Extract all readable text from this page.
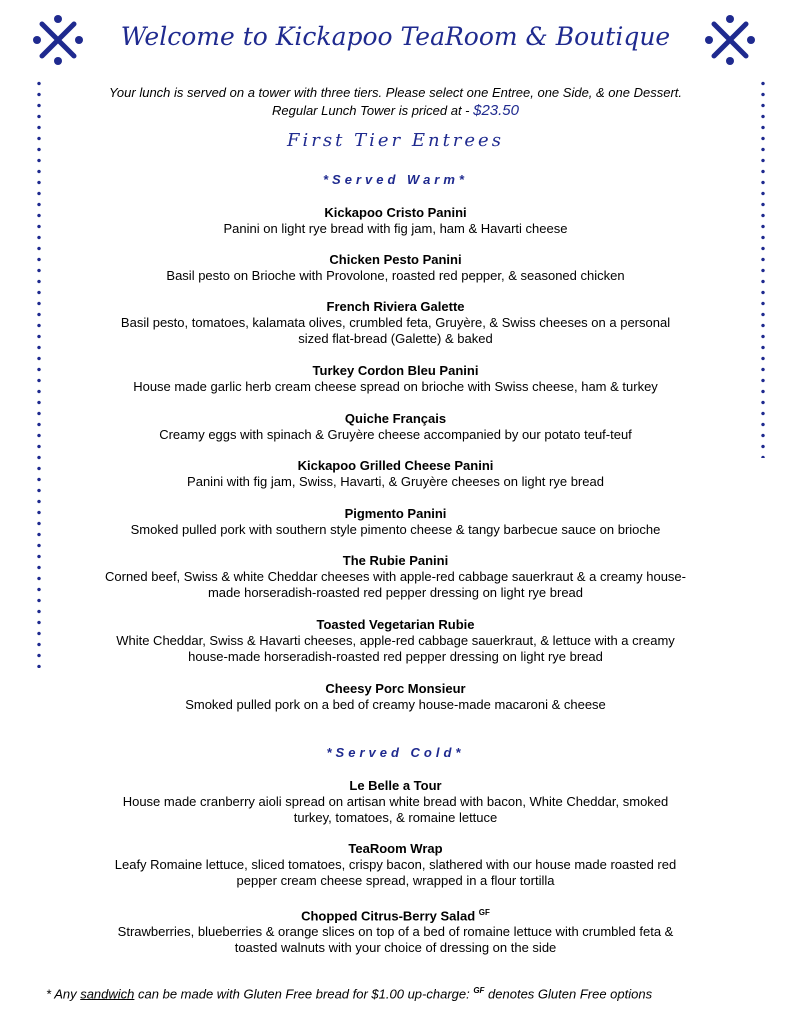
Welcome to Kickapoo TeaRoom & Boutique
Your lunch is served on a tower with three tiers. Please select one Entree, one Side, & one Dessert.
Regular Lunch Tower is priced at - $23.50
First Tier Entrees
*Served Warm*
Kickapoo Cristo Panini
Panini on light rye bread with fig jam, ham & Havarti cheese
Chicken Pesto Panini
Basil pesto on Brioche with Provolone, roasted red pepper, & seasoned chicken
French Riviera Galette
Basil pesto, tomatoes, kalamata olives, crumbled feta, Gruyère, & Swiss cheeses on a personal
sized flat-bread (Galette) & baked
Turkey Cordon Bleu Panini
House made garlic herb cream cheese spread on brioche with Swiss cheese, ham & turkey
Quiche Français
Creamy eggs with spinach & Gruyère cheese accompanied by our potato teuf-teuf
Kickapoo Grilled Cheese Panini
Panini with fig jam, Swiss, Havarti, & Gruyère cheeses on light rye bread
Pigmento Panini
Smoked pulled pork with southern style pimento cheese & tangy barbecue sauce on brioche
The Rubie Panini
Corned beef, Swiss & white Cheddar cheeses with apple-red cabbage sauerkraut & a creamy house-
made horseradish-roasted red pepper dressing on light rye bread
Toasted Vegetarian Rubie
White Cheddar, Swiss & Havarti cheeses, apple-red cabbage sauerkraut, & lettuce with a creamy
house-made horseradish-roasted red pepper dressing on light rye bread
Cheesy Porc Monsieur
Smoked pulled pork on a bed of creamy house-made macaroni & cheese
*Served Cold*
Le Belle a Tour
House made cranberry aioli spread on artisan white bread with bacon, White Cheddar, smoked
turkey, tomatoes, & romaine lettuce
TeaRoom Wrap
Leafy Romaine lettuce, sliced tomatoes, crispy bacon, slathered with our house made roasted red
pepper cream cheese spread, wrapped in a flour tortilla
Chopped Citrus-Berry Salad $^{GF}$
Strawberries, blueberries & orange slices on top of a bed of romaine lettuce with crumbled feta &
toasted walnuts with your choice of dressing on the side
* Any sandwich can be made with Gluten Free bread for $1.00 up-charge: $^{GF}$ denotes Gluten Free options
